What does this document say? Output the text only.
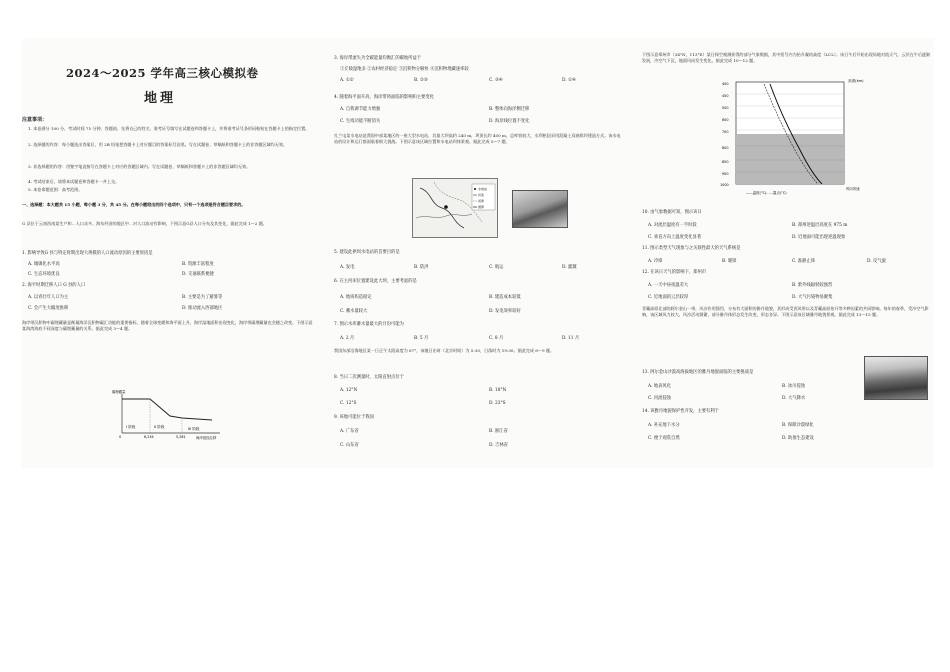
2024～2025 学年高三核心模拟卷
地理
注意事项：
1. 本卷满分 100 分，考试时间 75 分钟。答题前，先将自己的姓名、准考证号填写在试题卷和答题卡上，并将准考证号条形码粘贴在答题卡上的指定位置。
2. 选择题的作答：每小题选出答案后，用 2B 铅笔把答题卡上对应题目的答案标号涂黑。写在试题卷、草稿纸和答题卡上的非答题区域均无效。
3. 非选择题的作答：用签字笔直接写在答题卡上对应的答题区域内。写在试题卷、草稿纸和答题卡上的非答题区域均无效。
4. 考试结束后，请将本试题卷和答题卡一并上交。
5. 本卷命题范围：高考范围。
一、选择题：本大题共 15 小题，每小题 3 分，共 45 分。在每小题给出的四个选项中，只有一个选项是符合题目要求的。
G 县位于云南西南某生产和…人口众多。海东经济的地区中…对人口流动有影响，下图示意G县人口分布及其变化，据此完成 1～2 题。
1. 影响导致G 县与特定时期出现大规模的人口流动原因的主要原因是
A. 城镇化水平高	B. 资源丰富程度
C. 生态环境优良	D. 交通联系便捷
2. 海平时期迁移人口 G 县的人口
A. 以青壮年人口为主	B. 主要是为了避暑等
C. 会产生大幅度推移	D. 推动流入西部地区
海岸带沉积物中碳埋藏量是衡量海洋沉积物碳汇功能的重要指标，随着全球变暖和海平面上升，海岸湿地面积出现变化，海岸带碳埋藏量也会随之改变。下图示意某海湾海底不同深度与碳埋藏量的关系。据此完成 3～4 题。
I 阶段	II 阶段	III 阶段
0	6,234	5,281	海岸侵蚀位移
碳埋藏量
3. 海岸带流失为全碳能量均衡汇的碳地所益于
①丘陵湿地多 ②农村经济稳定 ③沉积物分解快 ④沉积物埋藏速率较
A. ①②	B. ②③	C. ③④	D. ①④
4. 随着海平面升高，海岸带将面临的影响和主要变化
A. 自我调节能力增强	B. 整体向海洋侧迁移
C. 生境功能不断消失	D. 海岸线位置不变化
扎兰屯某水电站是我国中部某地区的一座大型水电站，其最大坝高约 240 m，坝顶长约 400 m，总库容较大，水利枢纽采用混凝土双曲拱坝建造方式。该水电站的设计和运行都面临着极大挑战。下图示意该区域位置和水电站坝体景观。据此完成 5～7 题。
水电站
河流
省界
国界
5. 建设此拱坝水电站的首要目的是
A. 发电	B. 防洪	C. 航运	D. 灌溉
6. 在主河床位置建设此大坝，主要考虑的是
A. 地质构造稳定	B. 建造成本较低
C. 蓄水量较大	D. 发电效率较好
7. 图示水库蓄水量最大的月份可能为
A. 2 月	B. 5 月	C. 8 月	D. 11 月
我国东部沿海地区某一日正午太阳高度为 67°，该地日出时（北京时间）为 5:30，日落时为 19:30。据此完成 8～9 题。
8. 当日二次测量时，太阳直射点位于
A. 12°N	B. 18°N
C. 12°S	D. 23°S
9. 该地可能位于我国
A. 广东省	B. 浙江省
C. 山东省	D. 吉林省
下图示意郑州市（34°N，113°E）某日探空观测获得的部分气象数据，其中括号内为抬升凝结高度（LCL）。该日午后开始出现局地对流天气，云层在午后逐渐发展，冷空气下沉，地面风向发生变化。据此完成 10～12 题。
高度(km)
400
450
500
600
700
800
850
900
1000
——温度(°C)……露点(°C)
风向风速
10. 由气象数据可知，图示该日
A. 对流层温度有一半时段	B. 郑州逆温层高度在 975 m
C. 垂直方向上温度变化显著	D. 近地面可能出现逆温现象
11. 图示类型天气现象与之关联性最大的天气系统是
A. 冷锋	B. 暖锋	C. 准静止锋	D. 反气旋
12. 在该日天气的影响下，郑州市
A. 一天中昼夜温差大	B. 紫外线辐射较强烈
C. 近地面的云层较厚	D. 大气污染物易聚集
青藏高原北部的阿尔金山一带，风沙作用强烈，分布有大面积的雅丹地貌，其形成受西风带以及青藏高原抬升等多种因素的共同影响。每年的春季，受冷空气影响，该区域风力较大，风沙活动频繁，部分雅丹体形态发生改变，形态各异。下图示意该区域雅丹地貌景观。据此完成 13～15 题。
13. 阿尔金山沙漠高海拔地区的雅丹地貌面临的主要挑战是
A. 地表风化	B. 冰川侵蚀
C. 河流侵蚀	D. 大气降水
14. 该雅丹地貌保护性开发，主要有利于
A. 补充地下水分	B. 保障沙漠绿化
C. 便于观赏自然	D. 助推生态建设
